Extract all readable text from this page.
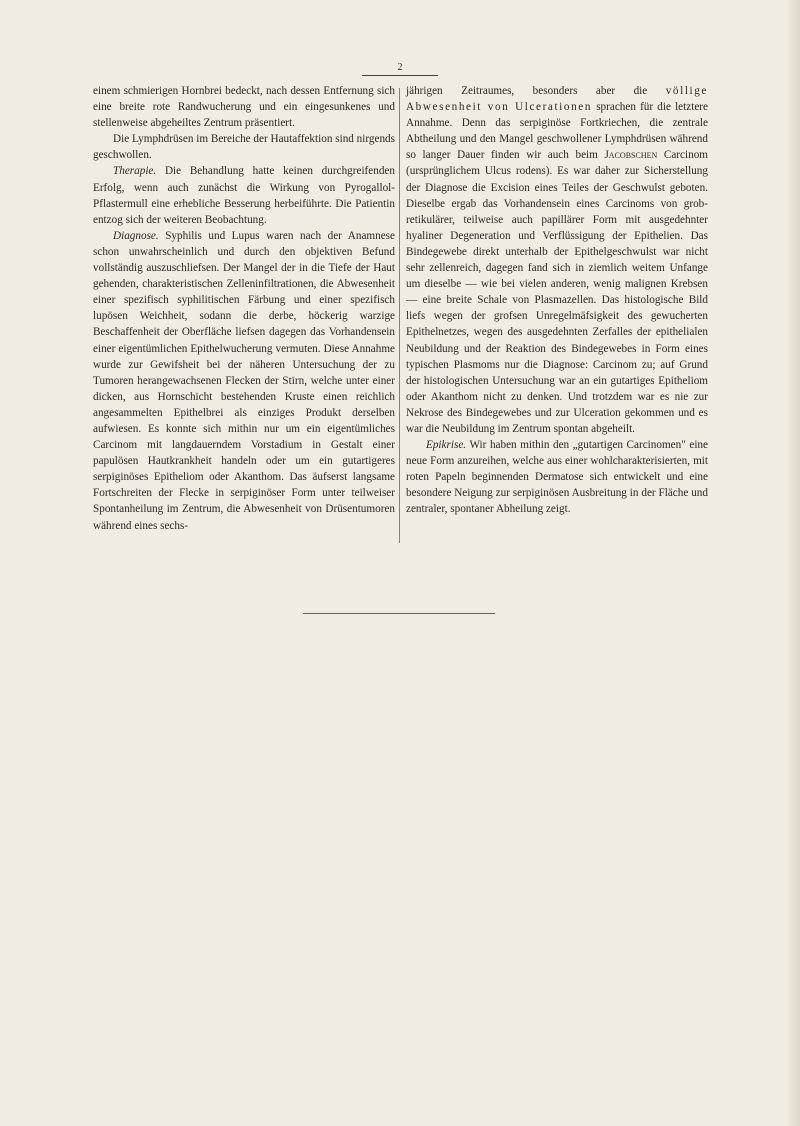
2

einem schmierigen Hornbrei bedeckt, nach dessen Entfernung sich eine breite rote Randwucherung und ein eingesunkenes und stellenweise abgeheiltes Zentrum präsentiert.

Die Lymphdrüsen im Bereiche der Hautaffektion sind nirgends geschwollen.

Therapie. Die Behandlung hatte keinen durchgreifenden Erfolg, wenn auch zunächst die Wirkung von Pyrogallol-Pflastermull eine erhebliche Besserung herbeiführte. Die Patientin entzog sich der weiteren Beobachtung.

Diagnose. Syphilis und Lupus waren nach der Anamnese schon unwahrscheinlich und durch den objektiven Befund vollständig auszuschliefsen. Der Mangel der in die Tiefe der Haut gehenden, charakteristischen Zelleninfiltrationen, die Abwesenheit einer spezifisch syphilitischen Färbung und einer spezifisch lupösen Weichheit, sodann die derbe, höckerig warzige Beschaffenheit der Oberfläche liefsen dagegen das Vorhandensein einer eigentümlichen Epithelwucherung vermuten. Diese Annahme wurde zur Gewifsheit bei der näheren Untersuchung der zu Tumoren herangewachsenen Flecken der Stirn, welche unter einer dicken, aus Hornschicht bestehenden Kruste einen reichlich angesammelten Epithelbrei als einziges Produkt derselben aufwiesen. Es konnte sich mithin nur um ein eigentümliches Carcinom mit langdauerndem Vorstadium in Gestalt einer papulösen Hautkrankheit handeln oder um ein gutartigeres serpiginöses Epitheliom oder Akanthom. Das äufserst langsame Fortschreiten der Flecke in serpiginöser Form unter teilweiser Spontanheilung im Zentrum, die Abwesenheit von Drüsentumoren während eines sechs-

jährigen Zeitraumes, besonders aber die völlige Abwesenheit von Ulcerationen sprachen für die letztere Annahme. Denn das serpiginöse Fortkriechen, die zentrale Abtheilung und den Mangel geschwollener Lymphdrüsen während so langer Dauer finden wir auch beim Jacobschen Carcinom (ursprünglichem Ulcus rodens). Es war daher zur Sicherstellung der Diagnose die Excision eines Teiles der Geschwulst geboten. Dieselbe ergab das Vorhandensein eines Carcinoms von grob-retikulärer, teilweise auch papillärer Form mit ausgedehnter hyaliner Degeneration und Verflüssigung der Epithelien. Das Bindegewebe direkt unterhalb der Epithelgeschwulst war nicht sehr zellenreich, dagegen fand sich in ziemlich weitem Unfange um dieselbe — wie bei vielen anderen, wenig malignen Krebsen — eine breite Schale von Plasmazellen. Das histologische Bild liefs wegen der grofsen Unregelmäfsigkeit des gewucherten Epithelnetzes, wegen des ausgedehnten Zerfalles der epithelialen Neubildung und der Reaktion des Bindegewebes in Form eines typischen Plasmoms nur die Diagnose: Carcinom zu; auf Grund der histologischen Untersuchung war an ein gutartiges Epitheliom oder Akanthom nicht zu denken. Und trotzdem war es nie zur Nekrose des Bindegewebes und zur Ulceration gekommen und es war die Neubildung im Zentrum spontan abgeheilt.

Epikrise. Wir haben mithin den „gutartigen Carcinomen" eine neue Form anzureihen, welche aus einer wohlcharakterisierten, mit roten Papeln beginnenden Dermatose sich entwickelt und eine besondere Neigung zur serpiginösen Ausbreitung in der Fläche und zentraler, spontaner Abheilung zeigt.
